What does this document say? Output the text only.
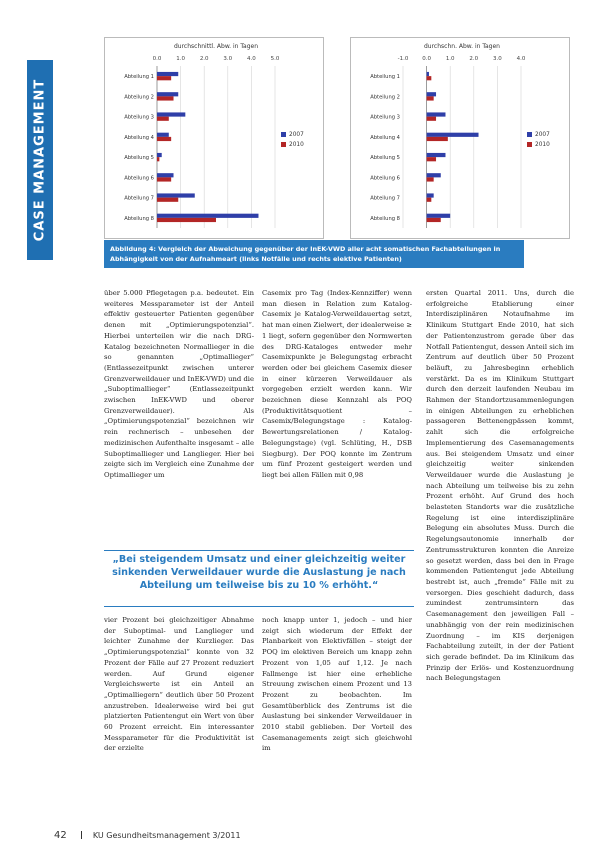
CASE MANAGEMENT
durchschnittl. Abw. in Tagen
0.0	1.0	2.0	3.0	4.0	5.0
Abteilung 1
Abteilung 2
Abteilung 3
Abteilung 4
Abteilung 5
Abteilung 6
Abteilung 7
Abteilung 8
2007
2010
durchschn. Abw. in Tagen
-1.0	0.0	1.0	2.0	3.0	4.0
Abteilung 1
Abteilung 2
Abteilung 3
Abteilung 4
Abteilung 5
Abteilung 6
Abteilung 7
Abteilung 8
2007
2010
Abbildung 4: Vergleich der Abweichung gegenüber der InEK-VWD aller acht somatischen Fachabteilungen in Abhängigkeit von der Aufnahmeart (links Notfälle und rechts elektive Patienten)

über 5.000 Pflegetagen p.a. bedeutet. Ein weiteres Messparameter ist der Anteil effektiv gesteuerter Patienten gegenüber denen mit „Optimierungspotenzial“. Hierbei unterteilen wir die nach DRG-Katalog bezeichneten Normallieger in die so genannten „Optimallieger“ (Entlassezeitpunkt zwischen unterer Grenzverweildauer und InEK-VWD) und die „Suboptimallieger“ (Entlassezeitpunkt zwischen InEK-VWD und oberer Grenzverweildauer). Als „Optimierungspotenzial“ bezeichnen wir rein rechnerisch – unbesehen der medizinischen Aufenthalte insgesamt – alle Suboptimallieger und Langlieger. Hier bei zeigte sich im Vergleich eine Zunahme der Optimallieger um

Casemix pro Tag (Index-Kennziffer) wenn man diesen in Relation zum Katalog-Casemix je Katalog-Verweildauertag setzt, hat man einen Zielwert, der idealerweise ≥ 1 liegt, sofern gegenüber den Normwerten des DRG-Kataloges entweder mehr Casemixpunkte je Belegungstag erbracht werden oder bei gleichem Casemix dieser in einer kürzeren Verweildauer als vorgegeben erzielt werden kann. Wir bezeichnen diese Kennzahl als POQ (Produktivitätsquotient – Casemix/Belegungstage : Katalog-Bewertungsrelationen / Katalog-Belegungstage) (vgl. Schlüting, H., DSB Siegburg). Der POQ konnte im Zentrum um fünf Prozent gesteigert werden und liegt bei allen Fällen mit 0,98

ersten Quartal 2011. Uns, durch die erfolgreiche Etablierung einer Interdisziplinären Notaufnahme im Klinikum Stuttgart Ende 2010, hat sich der Patientenzustrom gerade über das Notfall Patientengut, dessen Anteil sich im Zentrum auf deutlich über 50 Prozent beläuft, zu Jahresbeginn erheblich verstärkt. Da es im Klinikum Stuttgart durch den derzeit laufenden Neubau im Rahmen der Standortzusammenlegungen in einigen Abteilungen zu erheblichen passageren Bettenengpässen kommt, zahlt sich die erfolgreiche Implementierung des Casemanagements aus. Bei steigendem Umsatz und einer gleichzeitig weiter sinkenden Verweildauer wurde die Auslastung je nach Abteilung um teilweise bis zu zehn Prozent erhöht. Auf Grund des hoch belasteten Standorts war die zusätzliche Regelung ist eine interdisziplinäre Belegung ein absolutes Muss. Durch die Regelungsautonomie innerhalb der Zentrumsstrukturen konnten die Anreize so gesetzt werden, dass bei den in Frage kommenden Patientengut jede Abteilung bestrebt ist, auch „fremde“ Fälle mit zu versorgen. Dies geschieht dadurch, dass zumindest zentrumsintern das Casemanagement den jeweiligen Fall – unabhängig von der rein medizinischen Zuordnung – im KIS derjenigen Fachabteilung zuteilt, in der der Patient sich gerade befindet. Da im Klinikum das Prinzip der Erlös- und Kostenzuordnung nach Belegungstagen

„Bei steigendem Umsatz und einer gleichzeitig weiter sinkenden Verweildauer wurde die Auslastung je nach Abteilung um teilweise bis zu 10 % erhöht.“

vier Prozent bei gleichzeitiger Abnahme der Suboptimal- und Langlieger und leichter Zunahme der Kurzlieger. Das „Optimierungspotenzial“ konnte von 32 Prozent der Fälle auf 27 Prozent reduziert werden. Auf Grund eigener Vergleichswerte ist ein Anteil an „Optimalliegern“ deutlich über 50 Prozent anzustreben. Idealerweise wird bei gut platzierten Patientengut ein Wert von über 60 Prozent erreicht. Ein interessanter Messparameter für die Produktivität ist der erzielte

noch knapp unter 1, jedoch – und hier zeigt sich wiederum der Effekt der Planbarkeit von Elektivfällen – steigt der POQ im elektiven Bereich um knapp zehn Prozent von 1,05 auf 1,12. Je nach Fallmenge ist hier eine erhebliche Streuung zwischen einem Prozent und 13 Prozent zu beobachten. Im Gesamtüberblick des Zentrums ist die Auslastung bei sinkender Verweildauer in 2010 stabil geblieben. Der Vorteil des Casemanagements zeigt sich gleichwohl im

42	KU Gesundheitsmanagement 3/2011
